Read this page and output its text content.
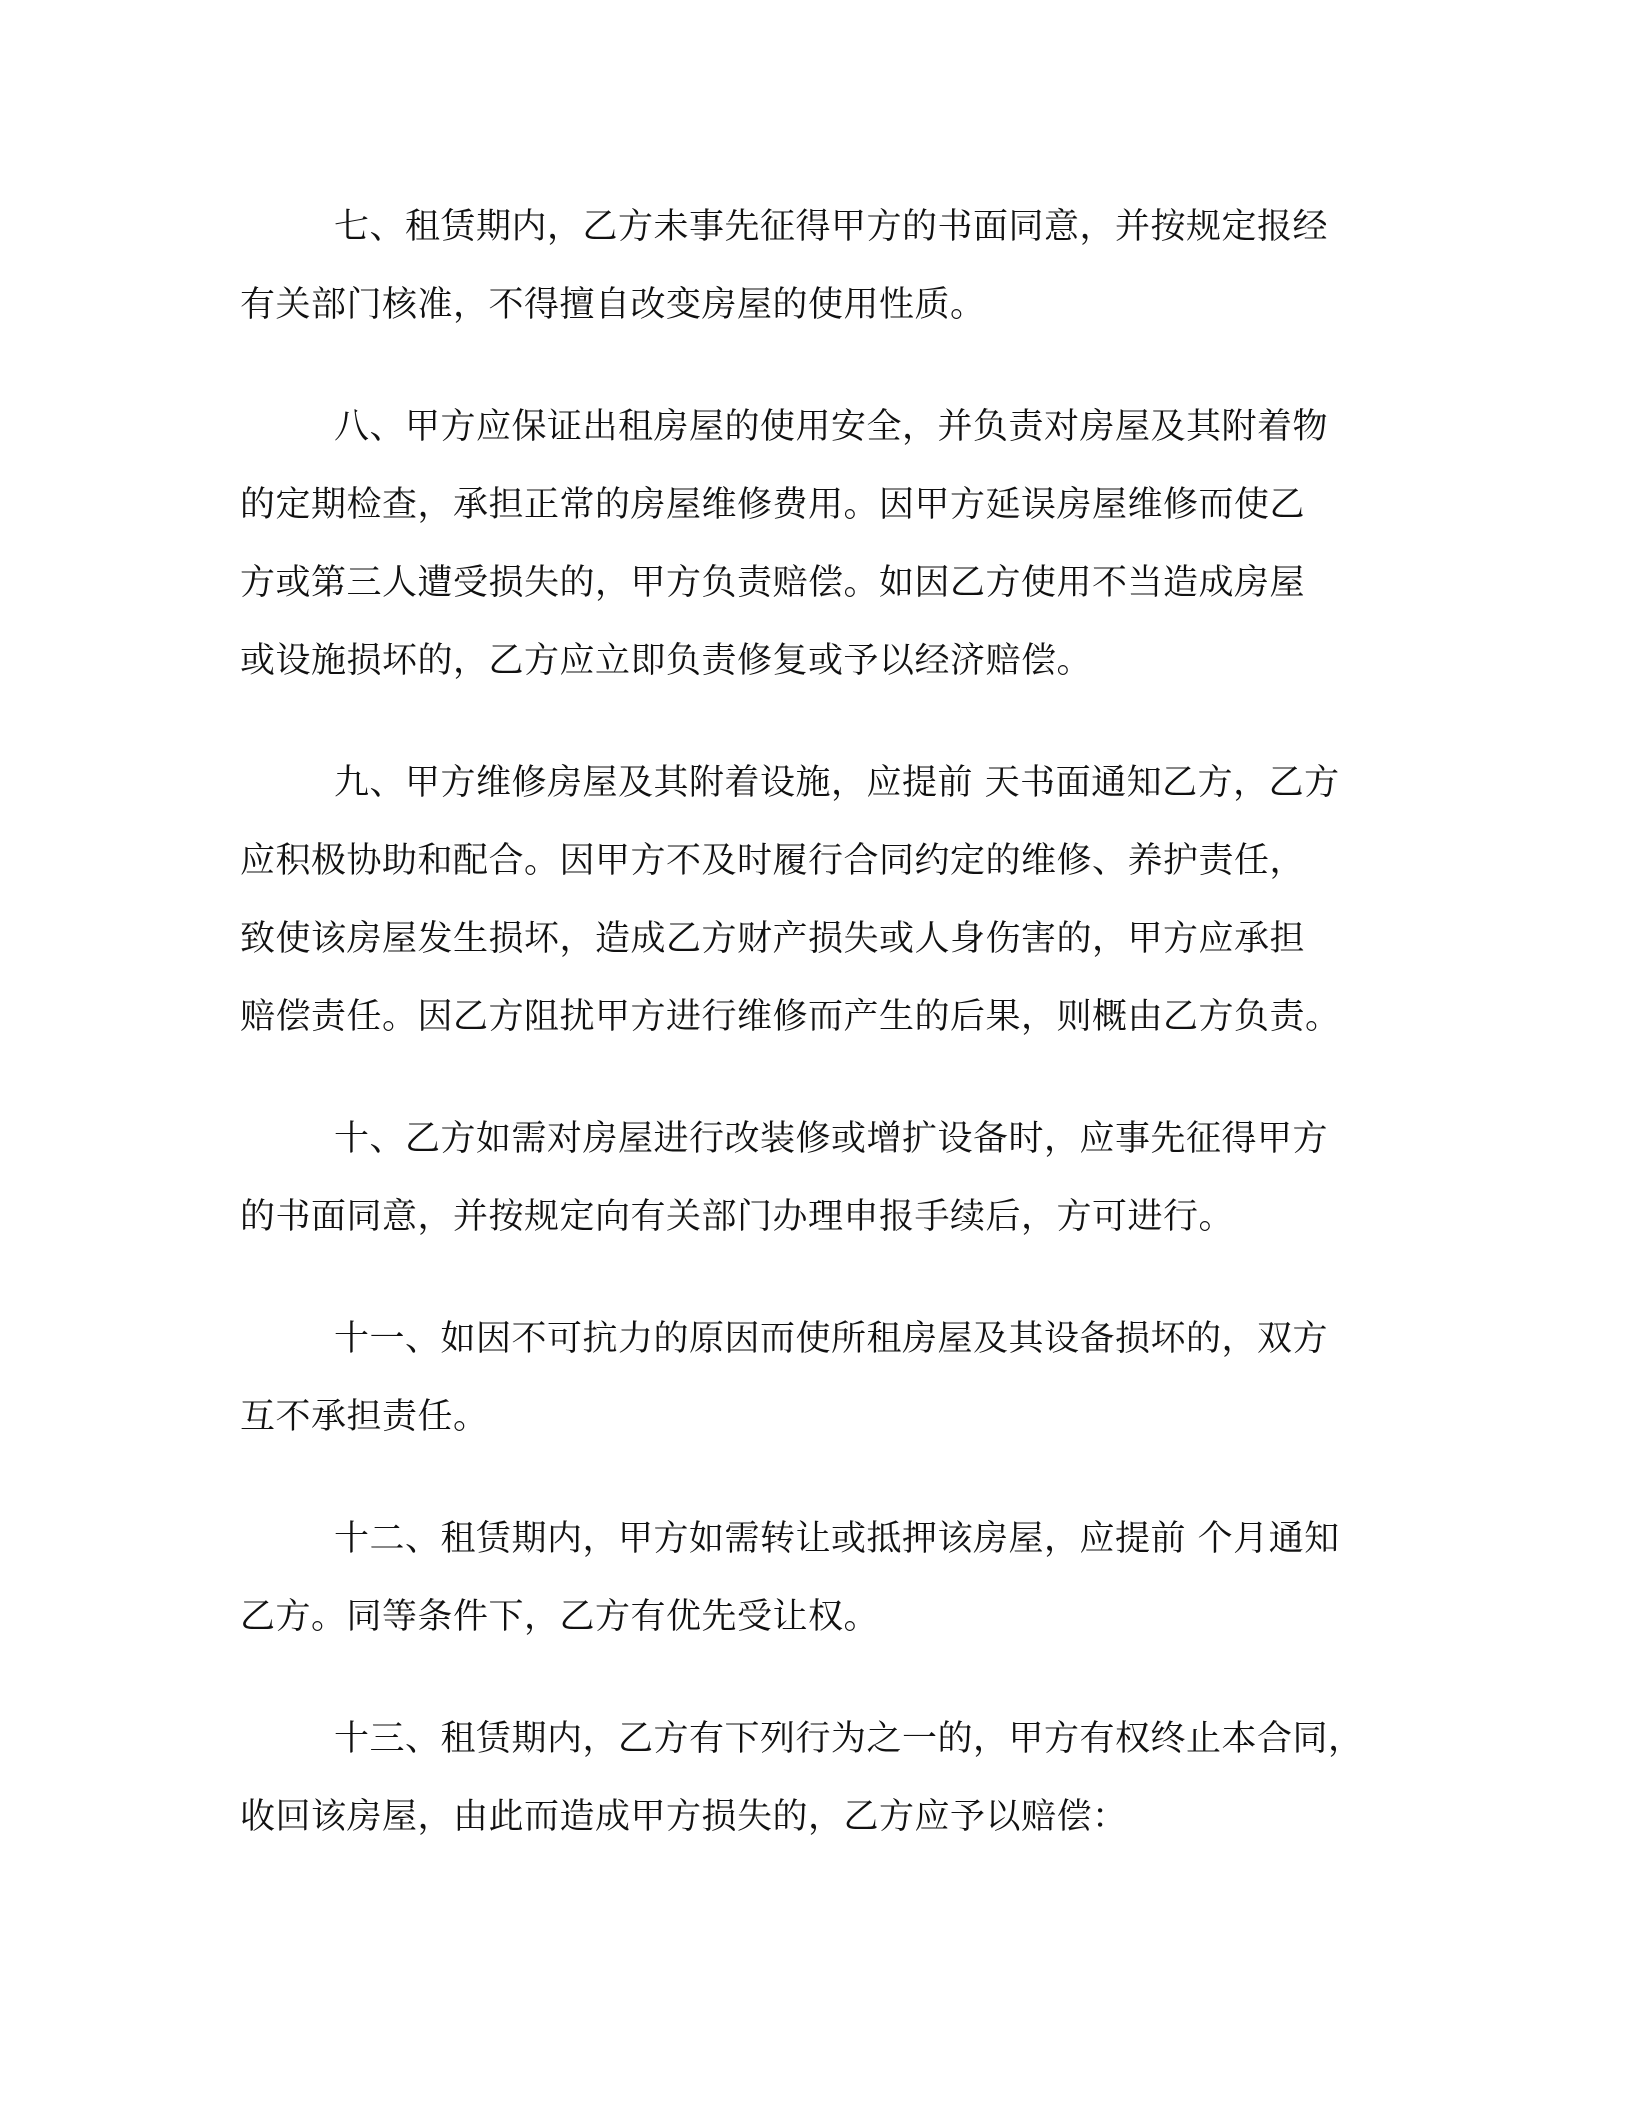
七、租赁期内，乙方未事先征得甲方的书面同意，并按规定报经
有关部门核准，不得擅自改变房屋的使用性质。
八、甲方应保证出租房屋的使用安全，并负责对房屋及其附着物
的定期检查，承担正常的房屋维修费用。因甲方延误房屋维修而使乙
方或第三人遭受损失的，甲方负责赔偿。如因乙方使用不当造成房屋
或设施损坏的，乙方应立即负责修复或予以经济赔偿。
九、甲方维修房屋及其附着设施，应提前 天书面通知乙方，乙方
应积极协助和配合。因甲方不及时履行合同约定的维修、养护责任，
致使该房屋发生损坏，造成乙方财产损失或人身伤害的，甲方应承担
赔偿责任。因乙方阻扰甲方进行维修而产生的后果，则概由乙方负责。
十、乙方如需对房屋进行改装修或增扩设备时，应事先征得甲方
的书面同意，并按规定向有关部门办理申报手续后，方可进行。
十一、如因不可抗力的原因而使所租房屋及其设备损坏的，双方
互不承担责任。
十二、租赁期内，甲方如需转让或抵押该房屋，应提前 个月通知
乙方。同等条件下，乙方有优先受让权。
十三、租赁期内，乙方有下列行为之一的，甲方有权终止本合同，
收回该房屋，由此而造成甲方损失的，乙方应予以赔偿：
